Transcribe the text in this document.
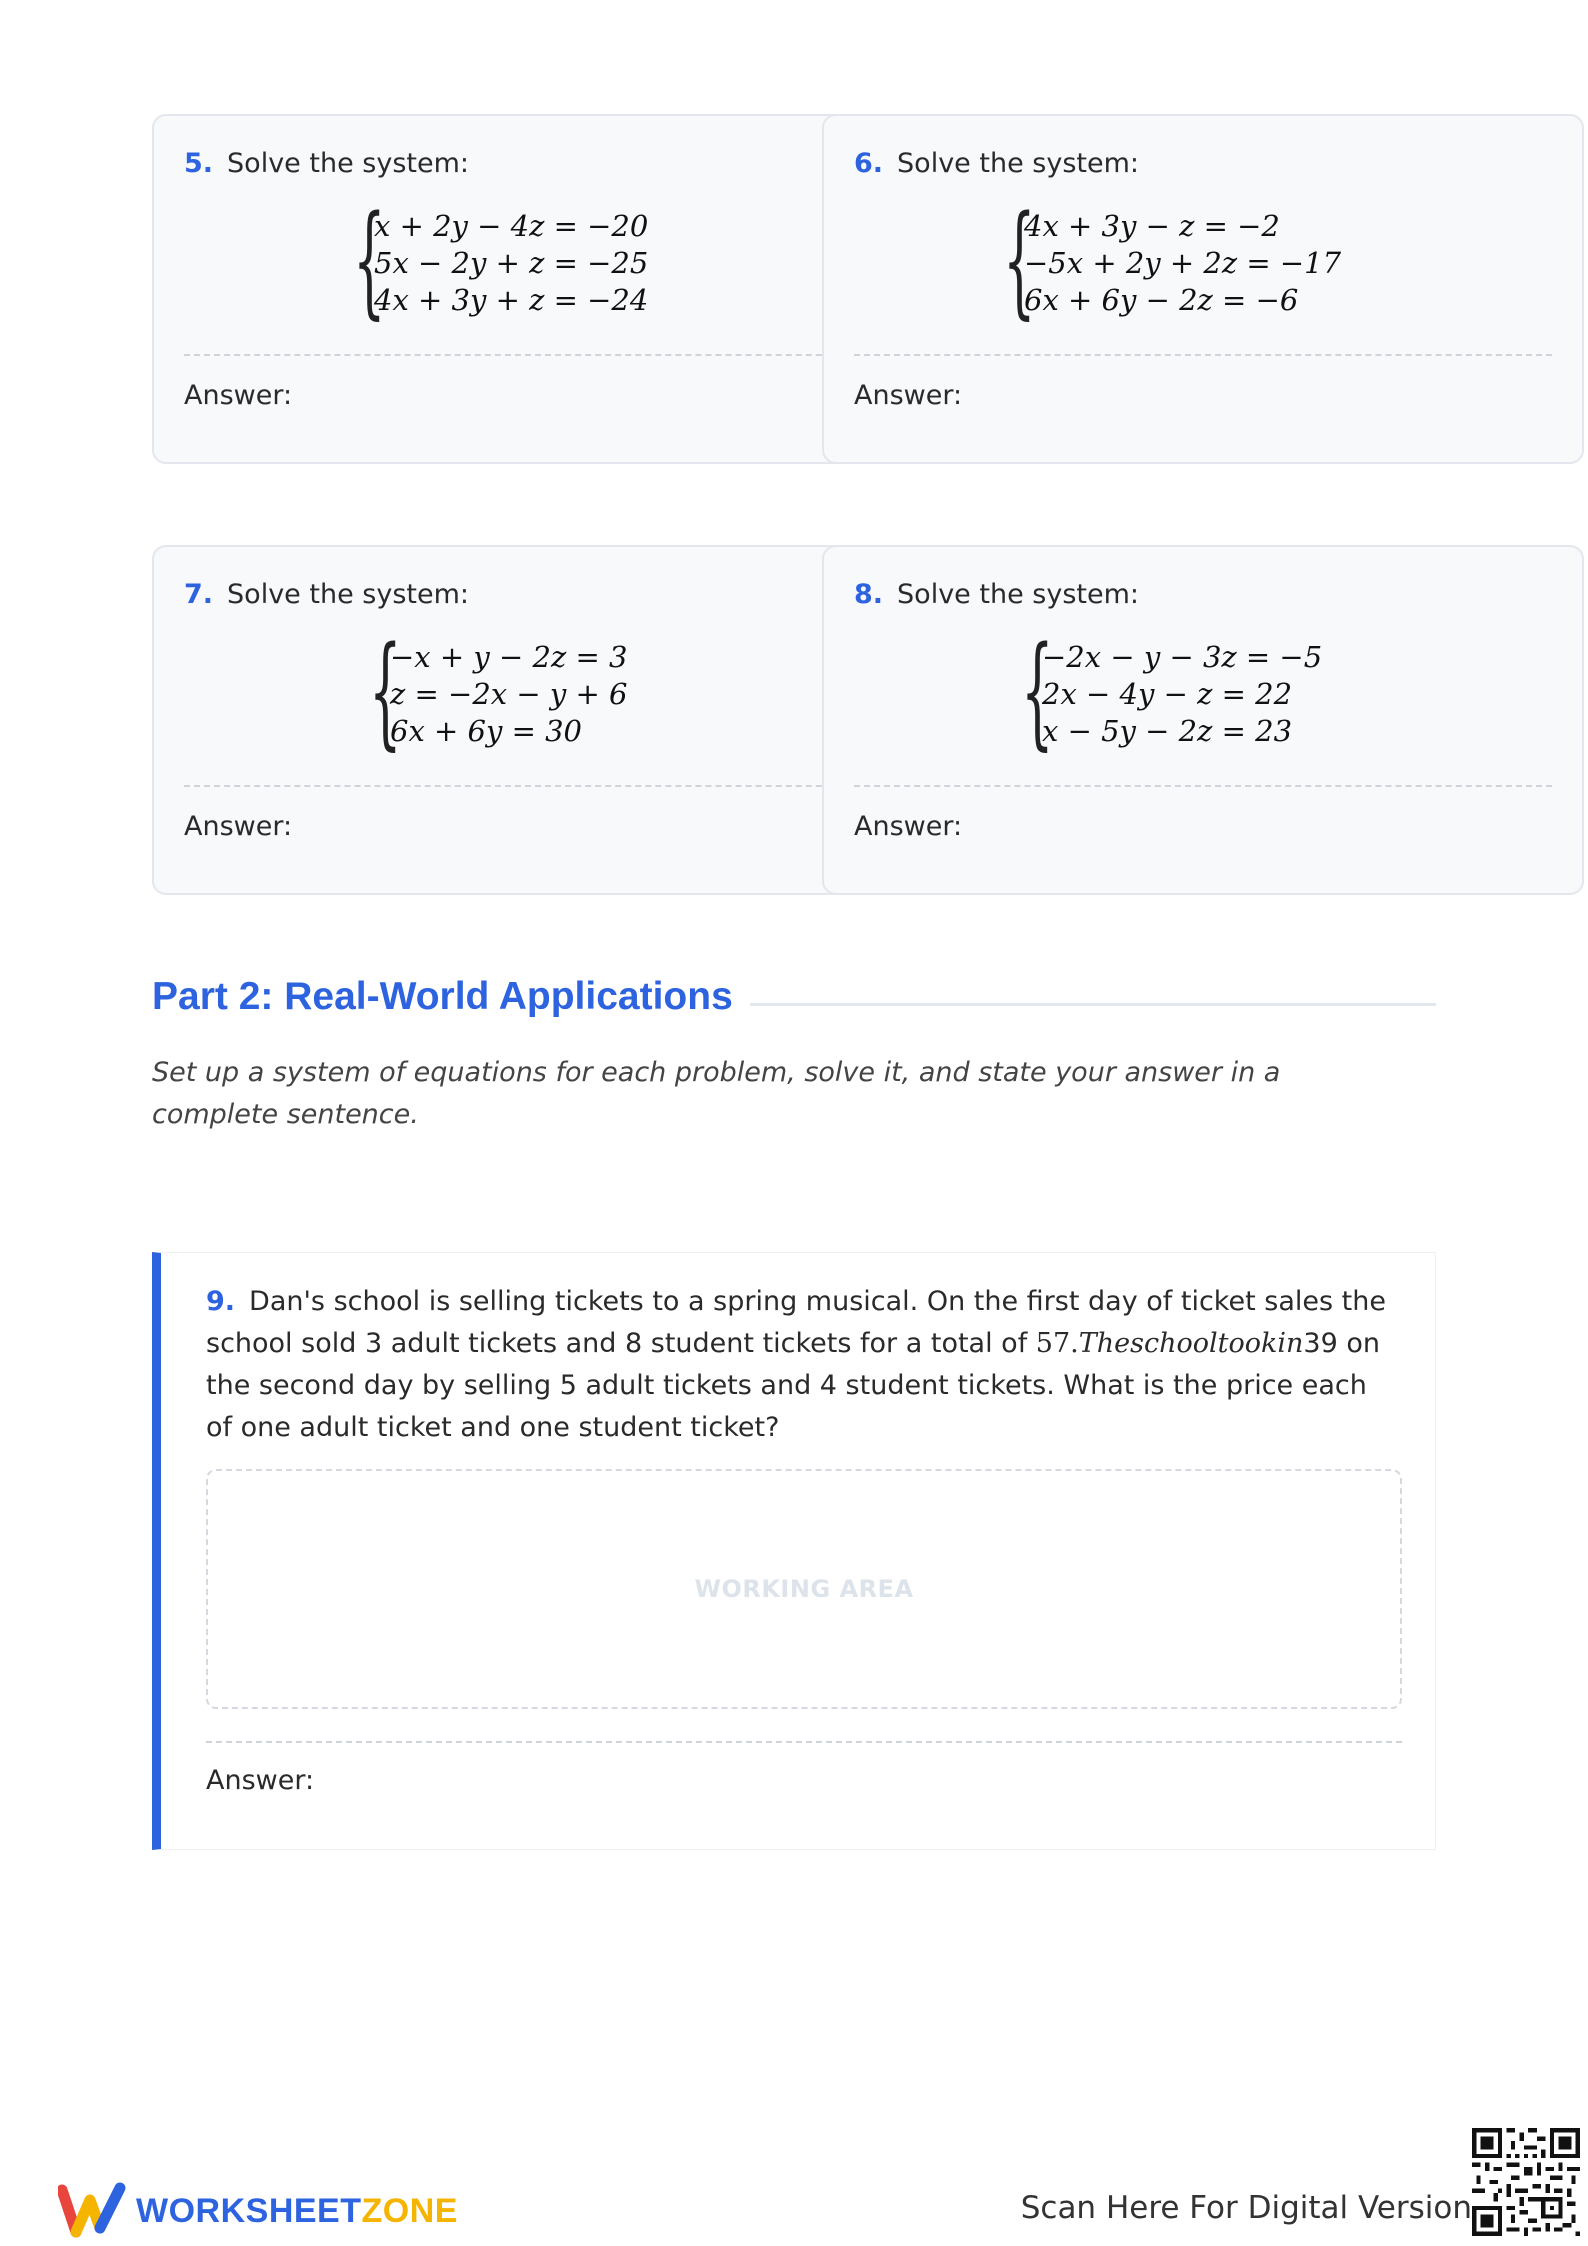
5. Solve the system:
{
x + 2y − 4z = −20
5x − 2y + z = −25
4x + 3y + z = −24
Answer:
6. Solve the system:
{
4x + 3y − z = −2
−5x + 2y + 2z = −17
6x + 6y − 2z = −6
Answer:
7. Solve the system:
{
−x + y − 2z = 3
z = −2x − y + 6
6x + 6y = 30
Answer:
8. Solve the system:
{
−2x − y − 3z = −5
2x − 4y − z = 22
x − 5y − 2z = 23
Answer:
Part 2: Real-World Applications
Set up a system of equations for each problem, solve it, and state your answer in a complete sentence.
9. Dan's school is selling tickets to a spring musical. On the first day of ticket sales the school sold 3 adult tickets and 8 student tickets for a total of 57.Theschooltookin39 on the second day by selling 5 adult tickets and 4 student tickets. What is the price each of one adult ticket and one student ticket?
WORKING AREA
Answer:
WORKSHEETZONE	Scan Here For Digital Version
